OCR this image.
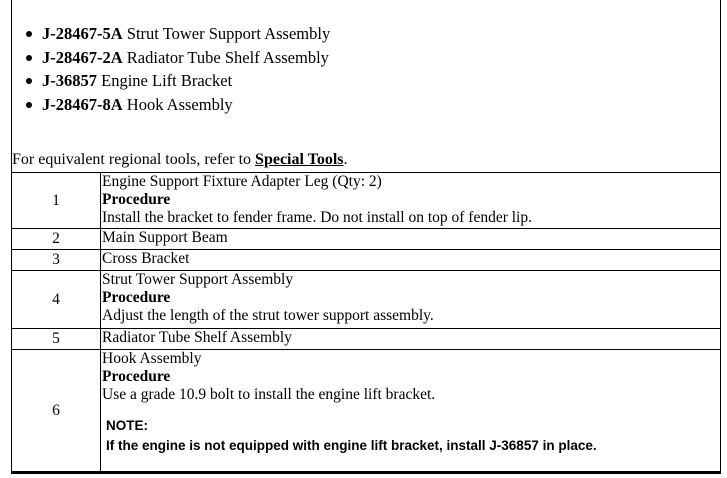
J-28467-5A Strut Tower Support Assembly
J-28467-2A Radiator Tube Shelf Assembly
J-36857 Engine Lift Bracket
J-28467-8A Hook Assembly
For equivalent regional tools, refer to Special Tools.
1	Engine Support Fixture Adapter Leg (Qty: 2)
Procedure
Install the bracket to fender frame. Do not install on top of fender lip.

2	Main Support Beam

3	Cross Bracket

4	Strut Tower Support Assembly
Procedure
Adjust the length of the strut tower support assembly.

5	Radiator Tube Shelf Assembly

6	Hook Assembly
Procedure
Use a grade 10.9 bolt to install the engine lift bracket.
NOTE:
If the engine is not equipped with engine lift bracket, install J-36857 in place.
